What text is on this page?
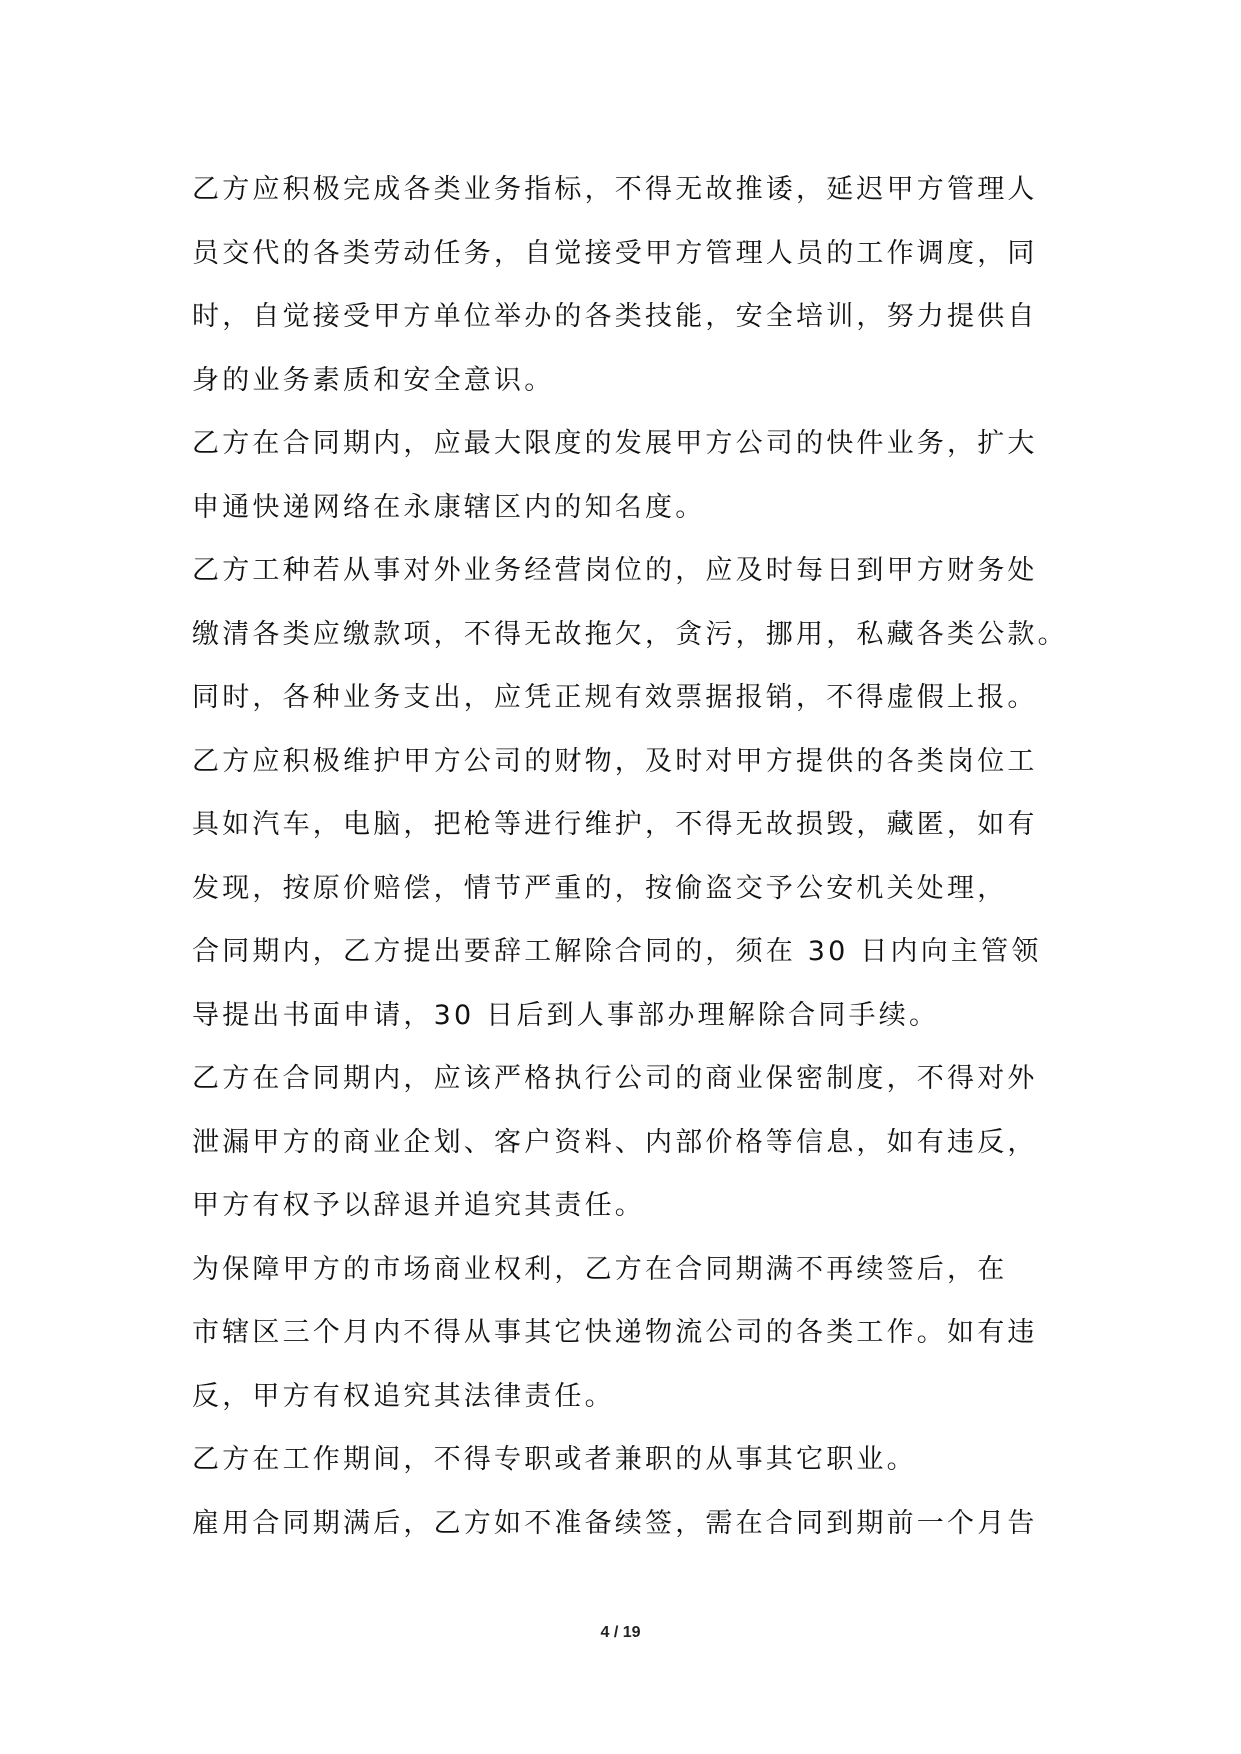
乙方应积极完成各类业务指标，不得无故推诿，延迟甲方管理人
员交代的各类劳动任务，自觉接受甲方管理人员的工作调度，同
时，自觉接受甲方单位举办的各类技能，安全培训，努力提供自
身的业务素质和安全意识。
乙方在合同期内，应最大限度的发展甲方公司的快件业务，扩大
申通快递网络在永康辖区内的知名度。
乙方工种若从事对外业务经营岗位的，应及时每日到甲方财务处
缴清各类应缴款项，不得无故拖欠，贪污，挪用，私藏各类公款。
同时，各种业务支出，应凭正规有效票据报销，不得虚假上报。
乙方应积极维护甲方公司的财物，及时对甲方提供的各类岗位工
具如汽车，电脑，把枪等进行维护，不得无故损毁，藏匿，如有
发现，按原价赔偿，情节严重的，按偷盗交予公安机关处理，
合同期内，乙方提出要辞工解除合同的，须在 30 日内向主管领
导提出书面申请，30 日后到人事部办理解除合同手续。
乙方在合同期内，应该严格执行公司的商业保密制度，不得对外
泄漏甲方的商业企划、客户资料、内部价格等信息，如有违反，
甲方有权予以辞退并追究其责任。
为保障甲方的市场商业权利，乙方在合同期满不再续签后，在
市辖区三个月内不得从事其它快递物流公司的各类工作。如有违
反，甲方有权追究其法律责任。
乙方在工作期间，不得专职或者兼职的从事其它职业。
雇用合同期满后，乙方如不准备续签，需在合同到期前一个月告
4 / 19
